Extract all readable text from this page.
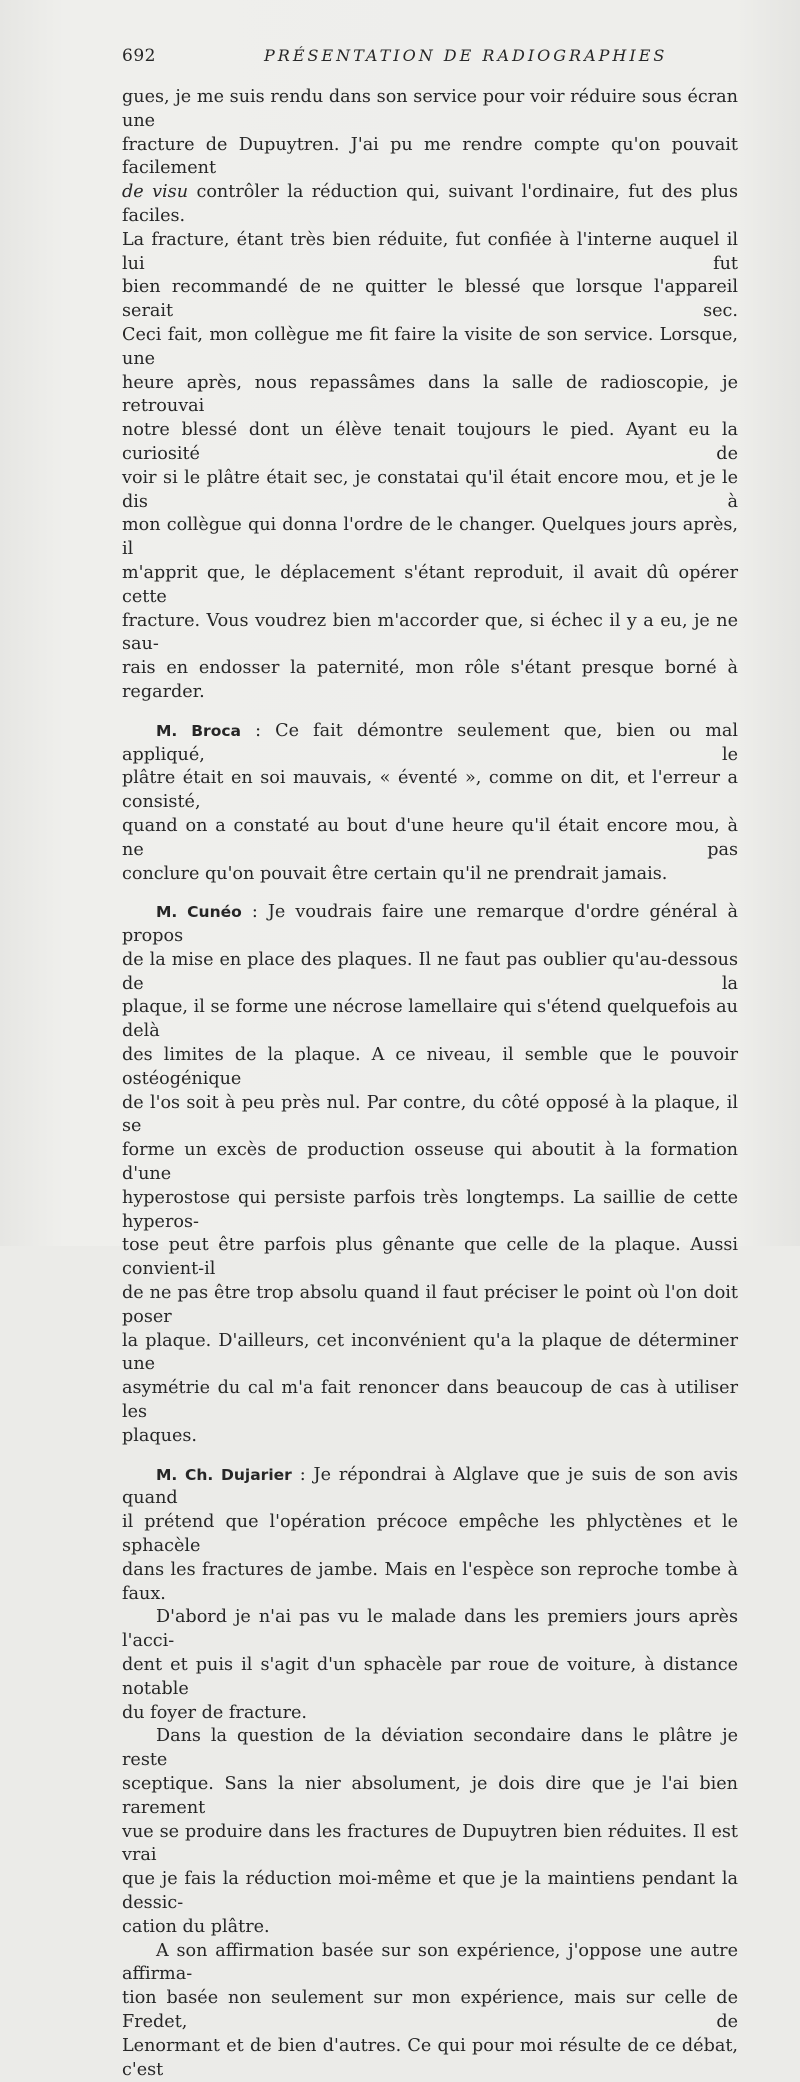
692	PRÉSENTATION DE RADIOGRAPHIES

gues, je me suis rendu dans son service pour voir réduire sous écran une

fracture de Dupuytren. J'ai pu me rendre compte qu'on pouvait facilement

de visu contrôler la réduction qui, suivant l'ordinaire, fut des plus faciles.

La fracture, étant très bien réduite, fut confiée à l'interne auquel il lui fut

bien recommandé de ne quitter le blessé que lorsque l'appareil serait sec.

Ceci fait, mon collègue me fit faire la visite de son service. Lorsque, une

heure après, nous repassâmes dans la salle de radioscopie, je retrouvai

notre blessé dont un élève tenait toujours le pied. Ayant eu la curiosité de

voir si le plâtre était sec, je constatai qu'il était encore mou, et je le dis à

mon collègue qui donna l'ordre de le changer. Quelques jours après, il

m'apprit que, le déplacement s'étant reproduit, il avait dû opérer cette

fracture. Vous voudrez bien m'accorder que, si échec il y a eu, je ne sau-

rais en endosser la paternité, mon rôle s'étant presque borné à regarder.

M. Broca : Ce fait démontre seulement que, bien ou mal appliqué, le

plâtre était en soi mauvais, « éventé », comme on dit, et l'erreur a consisté,

quand on a constaté au bout d'une heure qu'il était encore mou, à ne pas

conclure qu'on pouvait être certain qu'il ne prendrait jamais.

M. Cunéo : Je voudrais faire une remarque d'ordre général à propos

de la mise en place des plaques. Il ne faut pas oublier qu'au-dessous de la

plaque, il se forme une nécrose lamellaire qui s'étend quelquefois au delà

des limites de la plaque. A ce niveau, il semble que le pouvoir ostéogénique

de l'os soit à peu près nul. Par contre, du côté opposé à la plaque, il se

forme un excès de production osseuse qui aboutit à la formation d'une

hyperostose qui persiste parfois très longtemps. La saillie de cette hyperos-

tose peut être parfois plus gênante que celle de la plaque. Aussi convient-il

de ne pas être trop absolu quand il faut préciser le point où l'on doit poser

la plaque. D'ailleurs, cet inconvénient qu'a la plaque de déterminer une

asymétrie du cal m'a fait renoncer dans beaucoup de cas à utiliser les

plaques.

M. Ch. Dujarier : Je répondrai à Alglave que je suis de son avis quand

il prétend que l'opération précoce empêche les phlyctènes et le sphacèle

dans les fractures de jambe. Mais en l'espèce son reproche tombe à faux.

D'abord je n'ai pas vu le malade dans les premiers jours après l'acci-

dent et puis il s'agit d'un sphacèle par roue de voiture, à distance notable

du foyer de fracture.

Dans la question de la déviation secondaire dans le plâtre je reste

sceptique. Sans la nier absolument, je dois dire que je l'ai bien rarement

vue se produire dans les fractures de Dupuytren bien réduites. Il est vrai

que je fais la réduction moi-même et que je la maintiens pendant la dessic-

cation du plâtre.

A son affirmation basée sur son expérience, j'oppose une autre affirma-

tion basée non seulement sur mon expérience, mais sur celle de Fredet, de

Lenormant et de bien d'autres. Ce qui pour moi résulte de ce débat, c'est
